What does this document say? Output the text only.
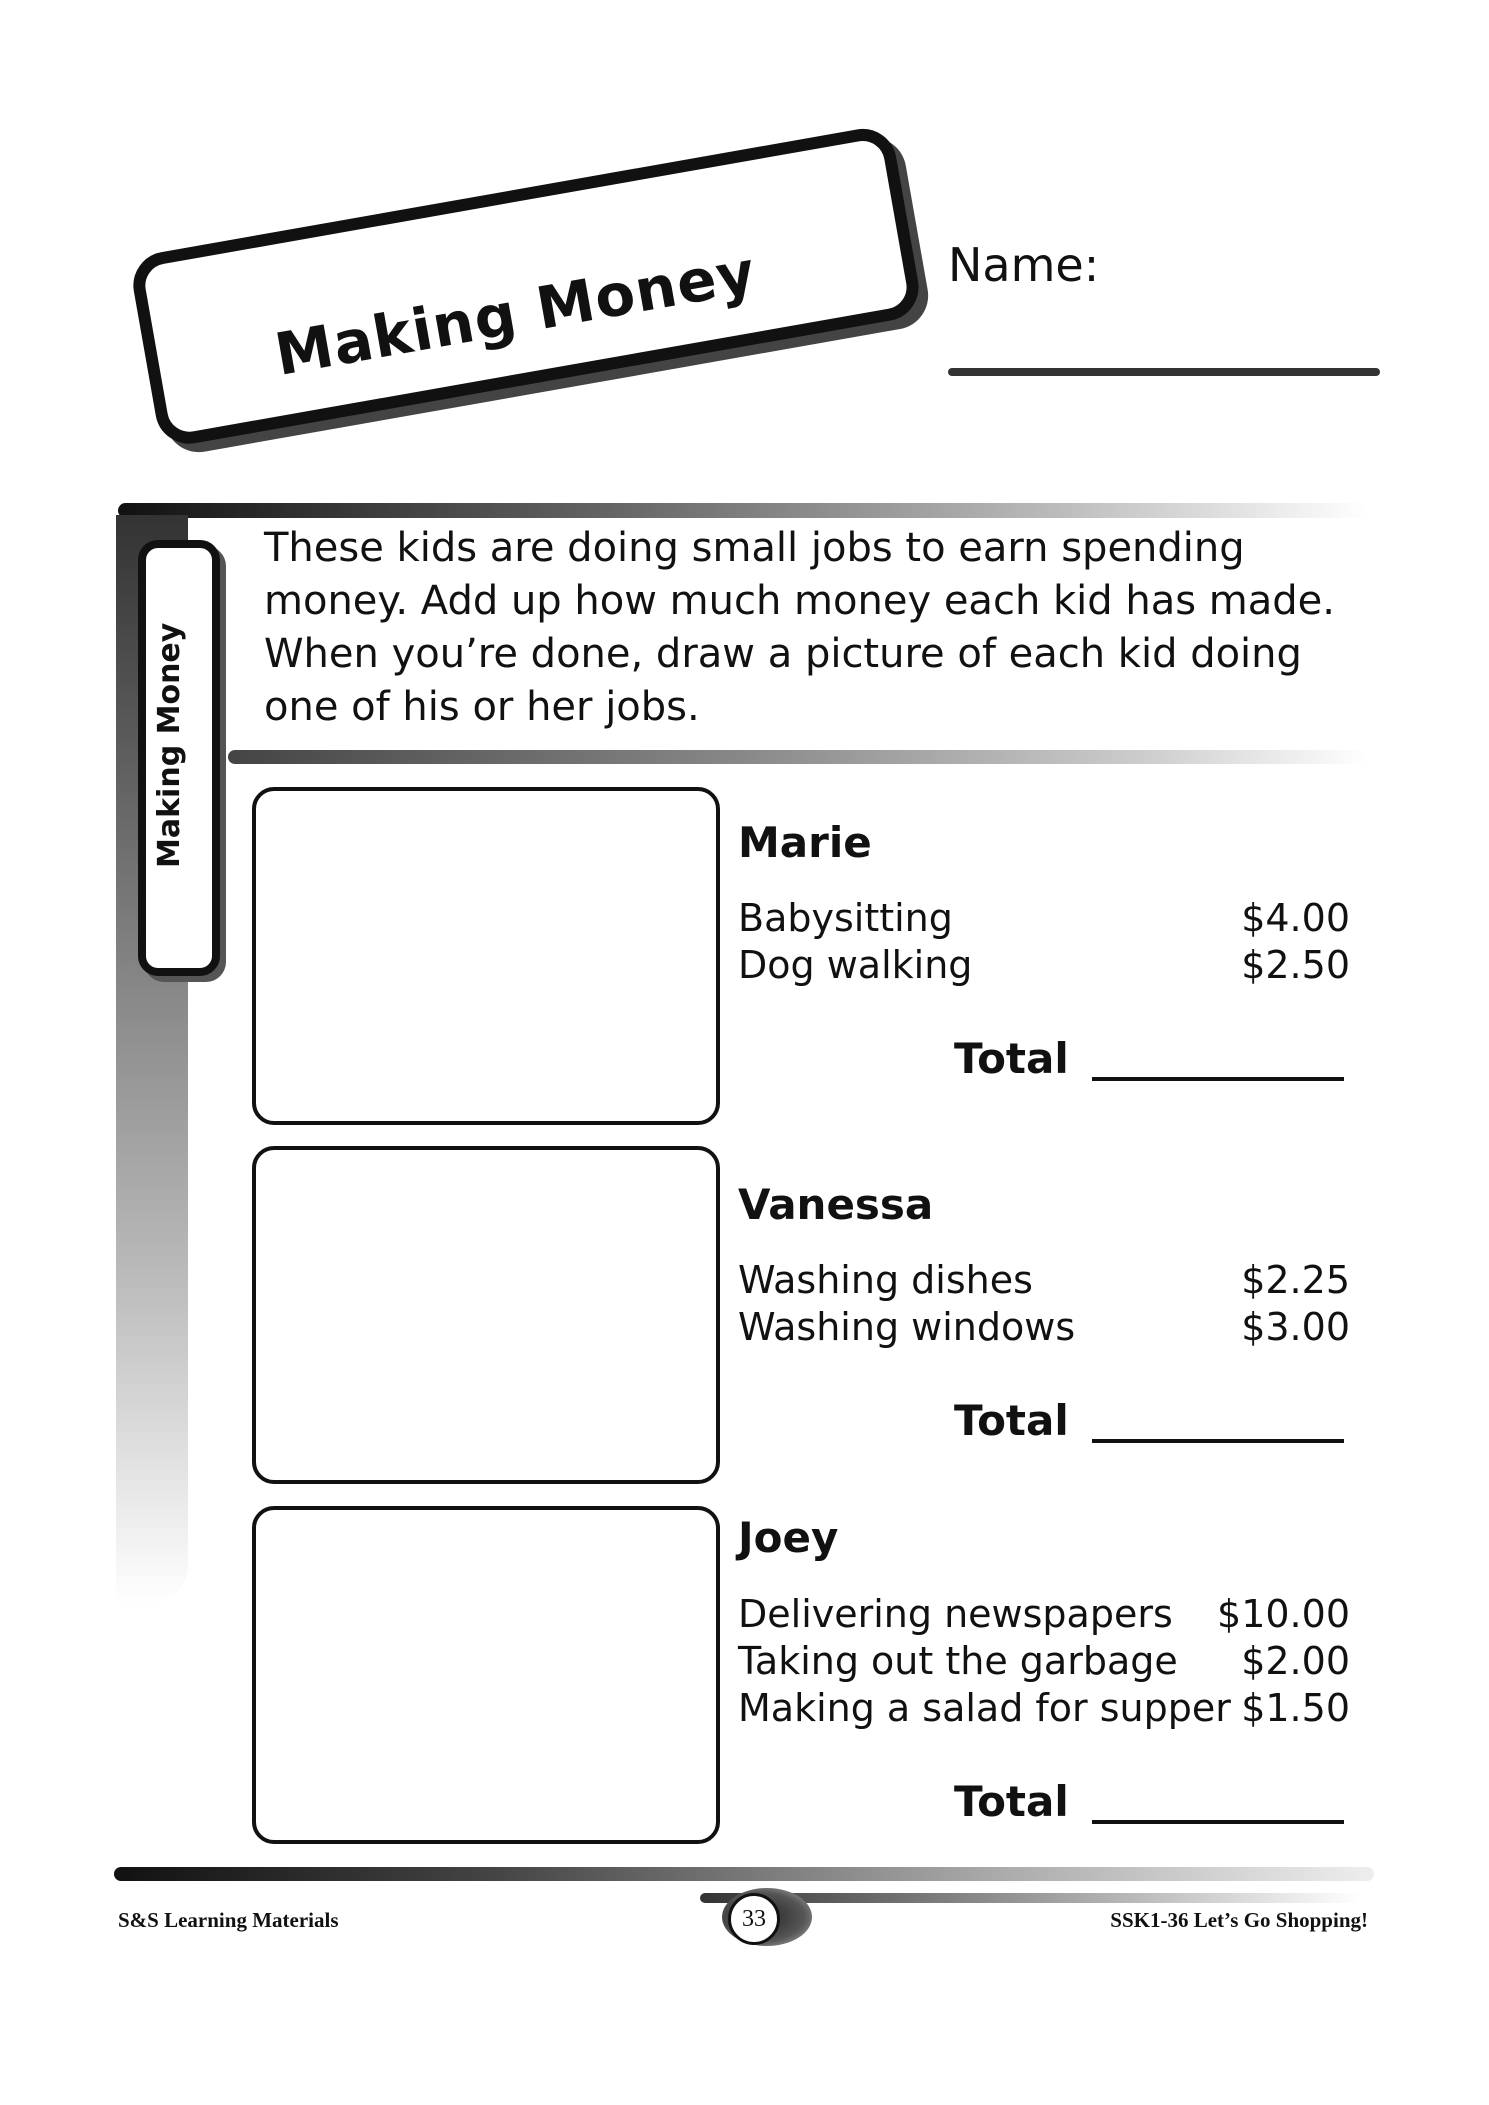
Making Money	Name:
Making Money
These kids are doing small jobs to earn spending money. Add up how much money each kid has made. When you’re done, draw a picture of each kid doing one of his or her jobs.
Marie
Babysitting	$4.00
Dog walking	$2.50
Total
Vanessa
Washing dishes	$2.25
Washing windows	$3.00
Total
Joey
Delivering newspapers $10.00
Taking out the garbage $2.00
Making a salad for supper $1.50
Total
S&S Learning Materials	33	SSK1-36 Let’s Go Shopping!
